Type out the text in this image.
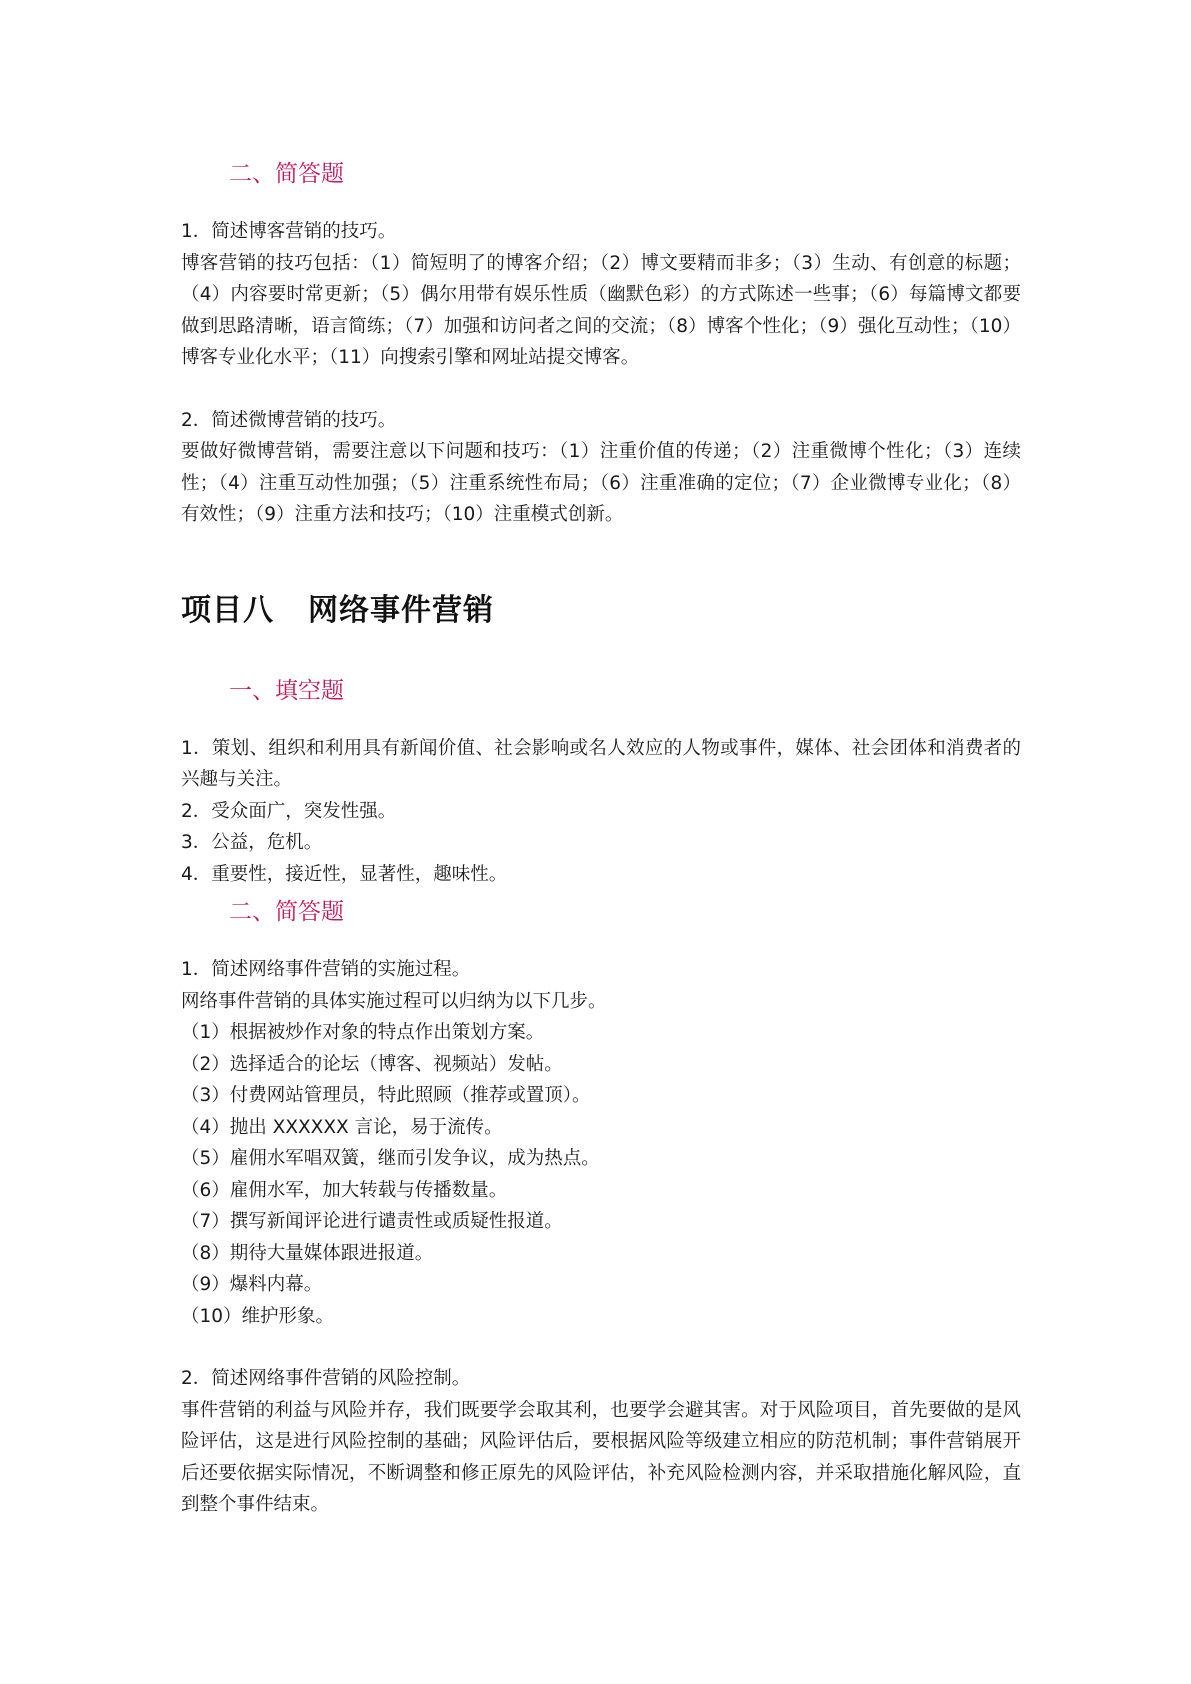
二、简答题

1．简述博客营销的技巧。

博客营销的技巧包括：（1）简短明了的博客介绍；（2）博文要精而非多；（3）生动、有创意的标题；（4）内容要时常更新；（5）偶尔用带有娱乐性质（幽默色彩）的方式陈述一些事；（6）每篇博文都要做到思路清晰，语言简练；（7）加强和访问者之间的交流；（8）博客个性化；（9）强化互动性；（10）博客专业化水平；（11）向搜索引擎和网址站提交博客。

2．简述微博营销的技巧。

要做好微博营销，需要注意以下问题和技巧：（1）注重价值的传递；（2）注重微博个性化；（3）连续性；（4）注重互动性加强；（5）注重系统性布局；（6）注重准确的定位；（7）企业微博专业化；（8）有效性；（9）注重方法和技巧；（10）注重模式创新。

项目八 网络事件营销
一、填空题

1．策划、组织和利用具有新闻价值、社会影响或名人效应的人物或事件，媒体、社会团体和消费者的兴趣与关注。

2．受众面广，突发性强。

3．公益，危机。

4．重要性，接近性，显著性，趣味性。

二、简答题

1．简述网络事件营销的实施过程。

网络事件营销的具体实施过程可以归纳为以下几步。

（1）根据被炒作对象的特点作出策划方案。

（2）选择适合的论坛（博客、视频站）发帖。

（3）付费网站管理员，特此照顾（推荐或置顶）。

（4）抛出 XXXXXX 言论，易于流传。

（5）雇佣水军唱双簧，继而引发争议，成为热点。

（6）雇佣水军，加大转载与传播数量。

（7）撰写新闻评论进行谴责性或质疑性报道。

（8）期待大量媒体跟进报道。

（9）爆料内幕。

（10）维护形象。

2．简述网络事件营销的风险控制。

事件营销的利益与风险并存，我们既要学会取其利，也要学会避其害。对于风险项目，首先要做的是风险评估，这是进行风险控制的基础；风险评估后，要根据风险等级建立相应的防范机制；事件营销展开后还要依据实际情况，不断调整和修正原先的风险评估，补充风险检测内容，并采取措施化解风险，直到整个事件结束。
